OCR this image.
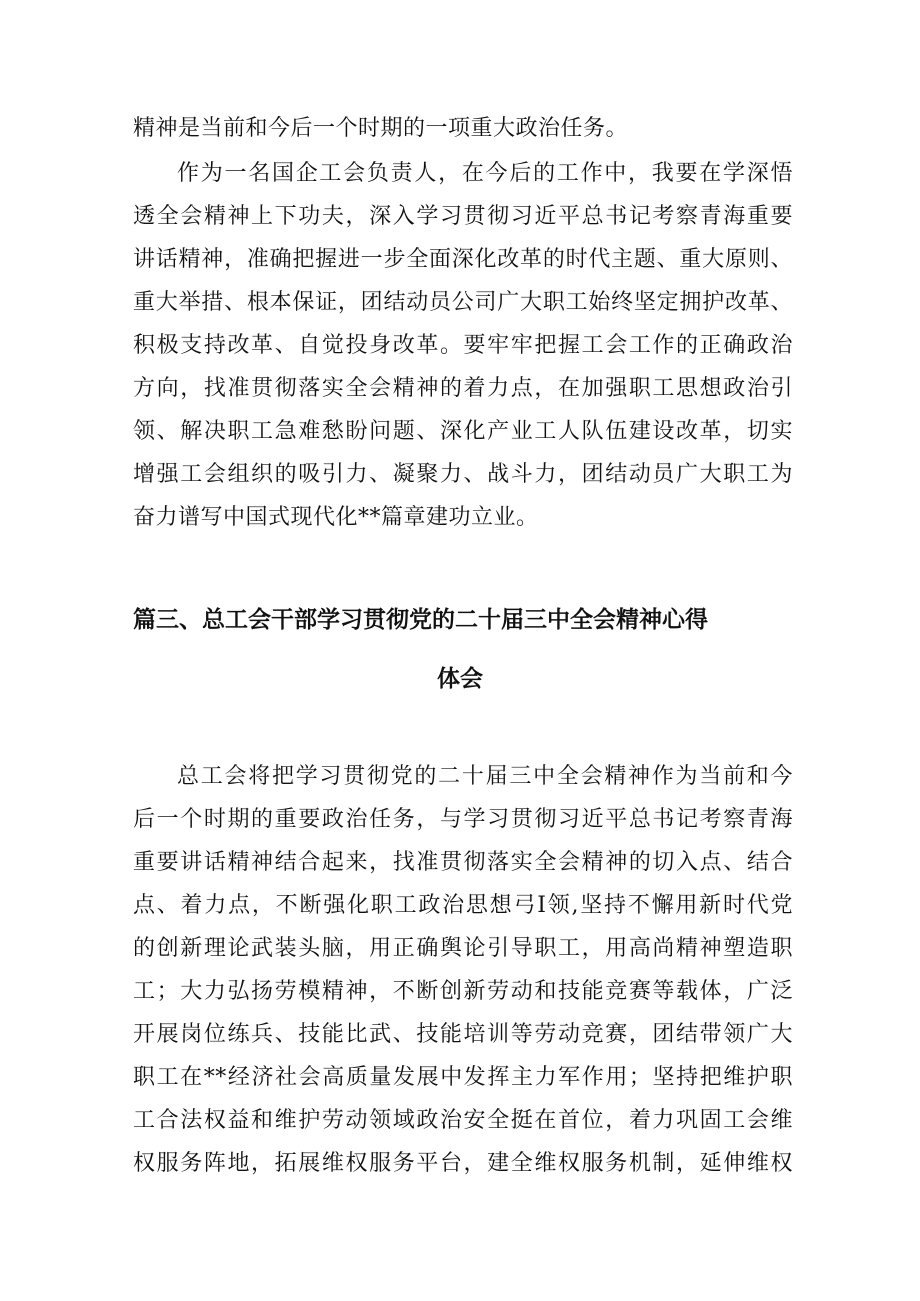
精神是当前和今后一个时期的一项重大政治任务。

作为一名国企工会负责人，在今后的工作中，我要在学深悟

透全会精神上下功夫，深入学习贯彻习近平总书记考察青海重要

讲话精神，准确把握进一步全面深化改革的时代主题、重大原则、

重大举措、根本保证，团结动员公司广大职工始终坚定拥护改革、

积极支持改革、自觉投身改革。要牢牢把握工会工作的正确政治

方向，找准贯彻落实全会精神的着力点，在加强职工思想政治引

领、解决职工急难愁盼问题、深化产业工人队伍建设改革，切实

增强工会组织的吸引力、凝聚力、战斗力，团结动员广大职工为

奋力谱写中国式现代化**篇章建功立业。

篇三、总工会干部学习贯彻党的二十届三中全会精神心得
体会

总工会将把学习贯彻党的二十届三中全会精神作为当前和今

后一个时期的重要政治任务，与学习贯彻习近平总书记考察青海

重要讲话精神结合起来，找准贯彻落实全会精神的切入点、结合

点、着力点，不断强化职工政治思想弓I领,坚持不懈用新时代党

的创新理论武装头脑，用正确舆论引导职工，用高尚精神塑造职

工；大力弘扬劳模精神，不断创新劳动和技能竞赛等载体，广泛

开展岗位练兵、技能比武、技能培训等劳动竞赛，团结带领广大

职工在**经济社会高质量发展中发挥主力军作用；坚持把维护职

工合法权益和维护劳动领域政治安全挺在首位，着力巩固工会维

权服务阵地，拓展维权服务平台，建全维权服务机制，延伸维权
